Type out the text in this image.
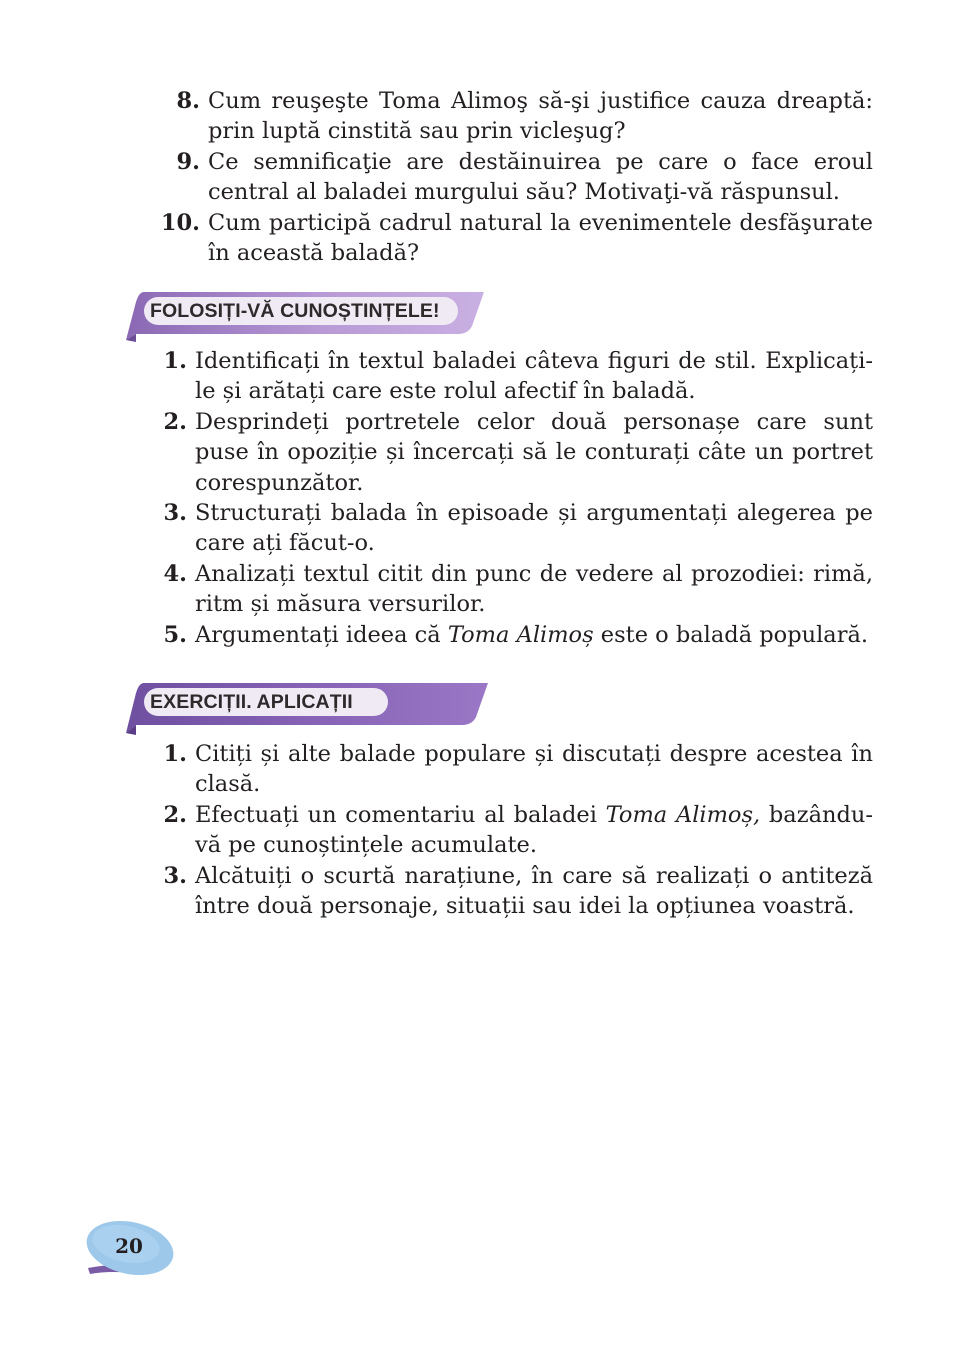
8. Cum reuşeşte Toma Alimoş să-şi justifice cauza dreaptă: prin luptă cinstită sau prin vicleşug?
9. Ce semnificaţie are destăinuirea pe care o face eroul central al baladei murgului său? Motivaţi-vă răspunsul.
10. Cum participă cadrul natural la evenimentele desfăşurate în această baladă?
FOLOSIȚI-VĂ CUNOȘTINȚELE!
1. Identificați în textul baladei câteva figuri de stil. Explicați-le și arătați care este rolul afectif în baladă.
2. Desprindeți portretele celor două personașe care sunt puse în opoziție și încercați să le conturați câte un portret corespunzător.
3. Structurați balada în episoade și argumentați alegerea pe care ați făcut-o.
4. Analizați textul citit din punc de vedere al prozodiei: rimă, ritm și măsura versurilor.
5. Argumentați ideea că Toma Alimoș este o baladă populară.
EXERCIȚII. APLICAȚII
1. Citiți și alte balade populare și discutați despre acestea în clasă.
2. Efectuați un comentariu al baladei Toma Alimoș, bazându-vă pe cunoștințele acumulate.
3. Alcătuiți o scurtă narațiune, în care să realizați o antiteză între două personaje, situații sau idei la opțiunea voastră.
20
